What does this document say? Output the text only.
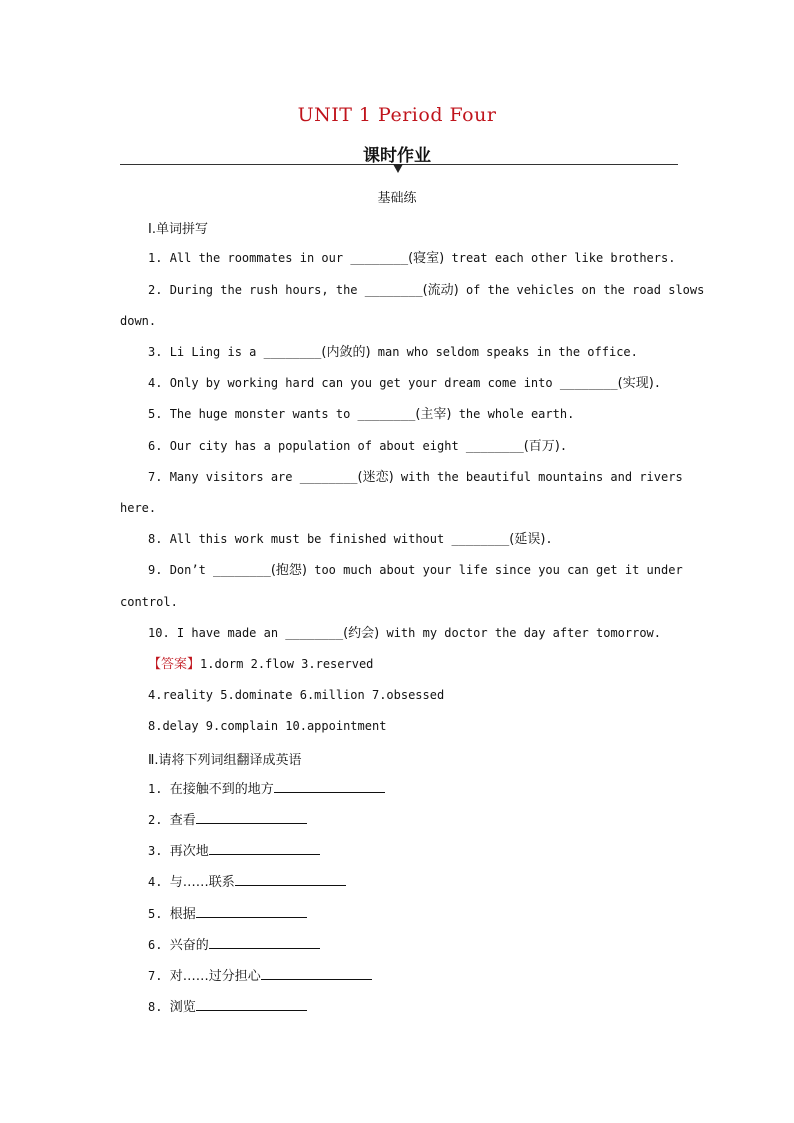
UNIT 1 Period Four
课时作业
基础练
Ⅰ.单词拼写
1. All the roommates in our ________(寝室) treat each other like brothers.
2. During the rush hours, the ________(流动) of the vehicles on the road slows
down.
3. Li Ling is a ________(内敛的) man who seldom speaks in the office.
4. Only by working hard can you get your dream come into ________(实现).
5. The huge monster wants to ________(主宰) the whole earth.
6. Our city has a population of about eight ________(百万).
7. Many visitors are ________(迷恋) with the beautiful mountains and rivers
here.
8. All this work must be finished without ________(延误).
9. Don’t ________(抱怨) too much about your life since you can get it under
control.
10. I have made an ________(约会) with my doctor the day after tomorrow.
【答案】1.dorm 2.flow 3.reserved
4.reality 5.dominate 6.million 7.obsessed
8.delay 9.complain 10.appointment
Ⅱ.请将下列词组翻译成英语
1. 在接触不到的地方
2. 查看
3. 再次地
4. 与……联系
5. 根据
6. 兴奋的
7. 对……过分担心
8. 浏览
